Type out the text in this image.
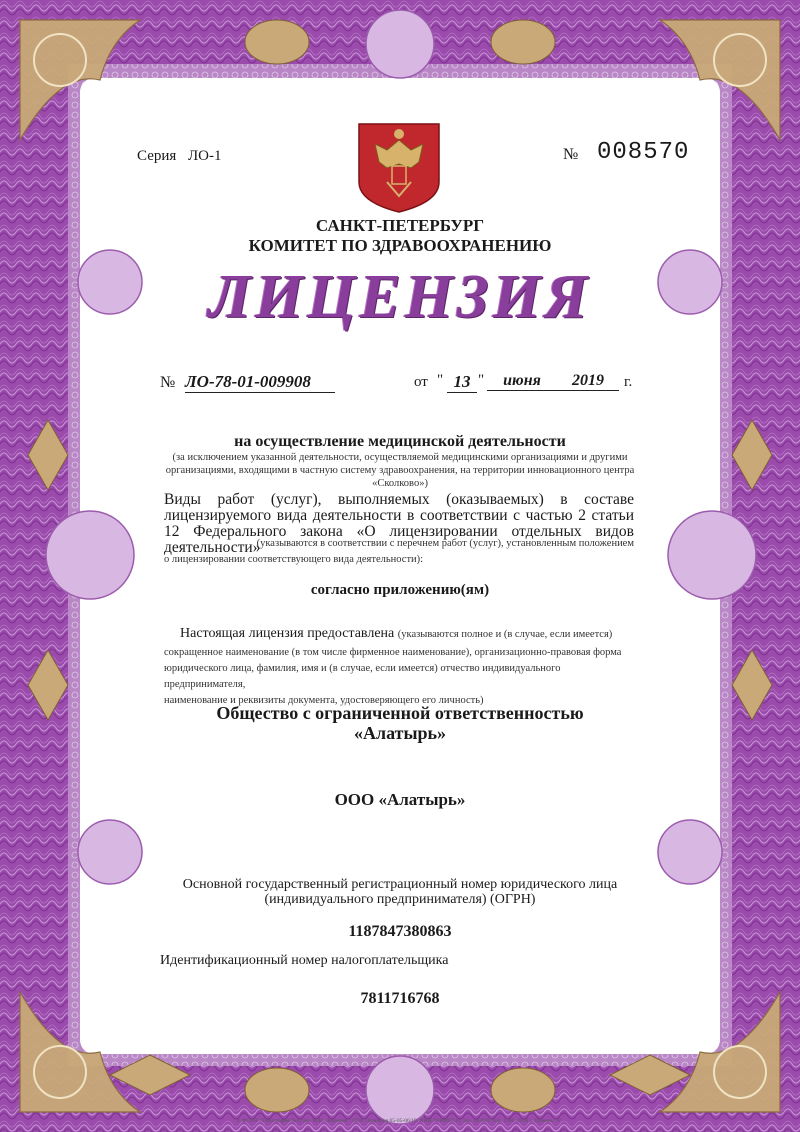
Серия ЛО-1	№ 008570
САНКТ-ПЕТЕРБУРГ
КОМИТЕТ ПО ЗДРАВООХРАНЕНИЮ
ЛИЦЕНЗИЯ
№ ЛО-78-01-009908	от " 13 "	июня	2019	г.
на осуществление медицинской деятельности
(за исключением указанной деятельности, осуществляемой медицинскими организациями и другими
организациями, входящими в частную систему здравоохранения, на территории инновационного центра
«Сколково»)
Виды работ (услуг), выполняемых (оказываемых) в составе лицензируемого вида деятельности в соответствии с частью 2 статьи 12 Федерального закона «О лицензировании отдельных видов деятельности»
(указываются в соответствии с перечнем работ (услуг), установленным положением
о лицензировании соответствующего вида деятельности):
согласно приложению(ям)
Настоящая лицензия предоставлена (указываются полное и (в случае, если имеется)
сокращенное наименование (в том числе фирменное наименование), организационно-правовая форма
юридического лица, фамилия, имя и (в случае, если имеется) отчество индивидуального предпринимателя,
наименование и реквизиты документа, удостоверяющего его личность)
Общество с ограниченной ответственностью
«Алатырь»
ООО «Алатырь»
Основной государственный регистрационный номер юридического лица
(индивидуального предпринимателя) (ОГРН)
1187847380863
Идентификационный номер налогоплательщика
7811716768
© ФСУН "Типография №12 им. М.И. Лоханова". СПб. Лицензия 05-05-06/19, ИНН 7840002741. Зак. 1630/8. Тир. 1500. 2018 г. Уровень "Б".
